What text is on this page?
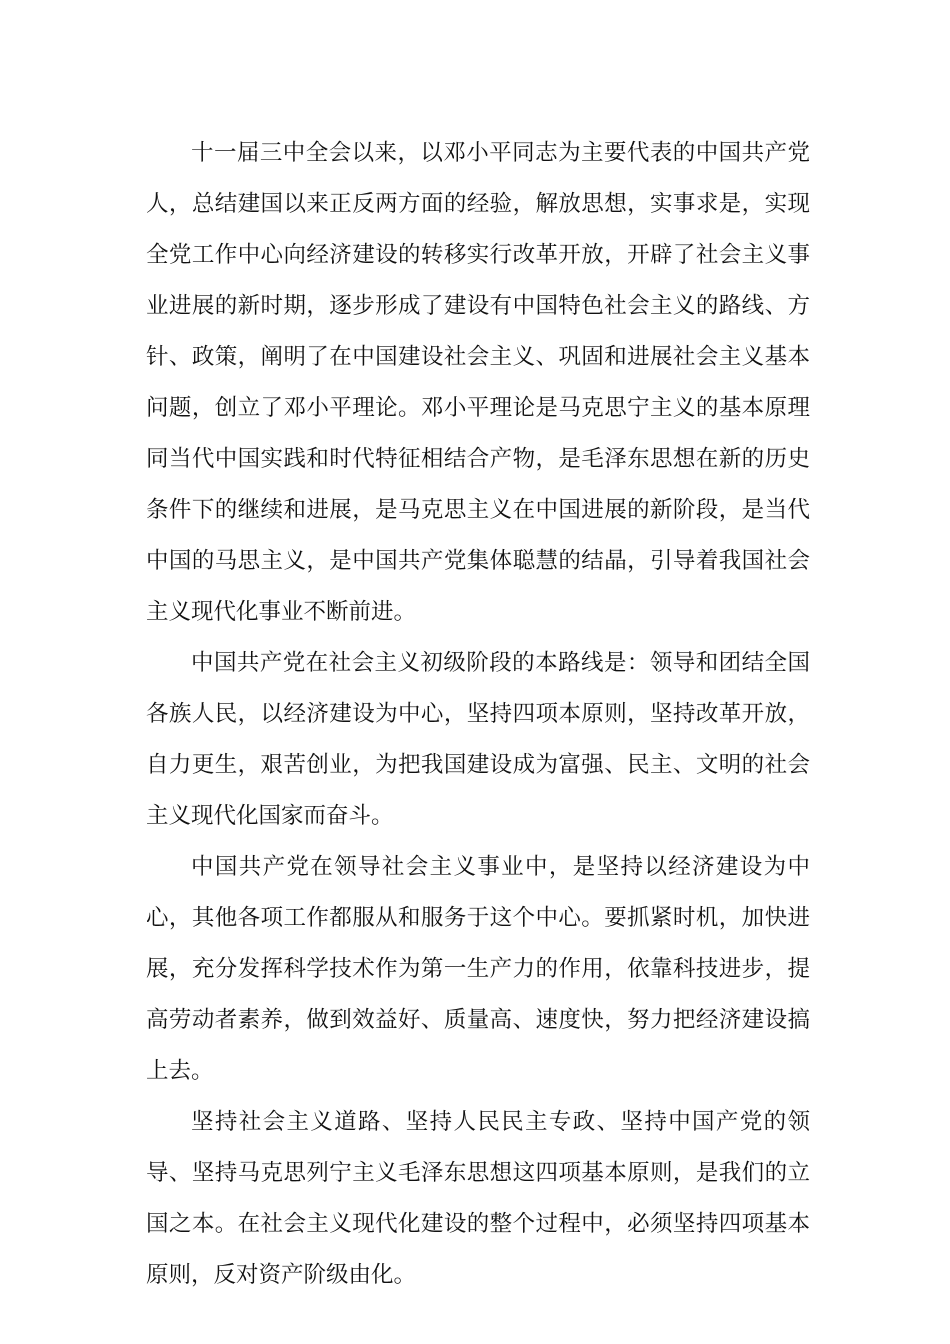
十一届三中全会以来，以邓小平同志为主要代表的中国共产党人，总结建国以来正反两方面的经验，解放思想，实事求是，实现全党工作中心向经济建设的转移实行改革开放，开辟了社会主义事业进展的新时期，逐步形成了建设有中国特色社会主义的路线、方针、政策，阐明了在中国建设社会主义、巩固和进展社会主义基本问题，创立了邓小平理论。邓小平理论是马克思宁主义的基本原理同当代中国实践和时代特征相结合产物，是毛泽东思想在新的历史条件下的继续和进展，是马克思主义在中国进展的新阶段，是当代中国的马思主义，是中国共产党集体聪慧的结晶，引导着我国社会主义现代化事业不断前进。

中国共产党在社会主义初级阶段的本路线是：领导和团结全国各族人民，以经济建设为中心，坚持四项本原则，坚持改革开放，自力更生，艰苦创业，为把我国建设成为富强、民主、文明的社会主义现代化国家而奋斗。

中国共产党在领导社会主义事业中，是坚持以经济建设为中心，其他各项工作都服从和服务于这个中心。要抓紧时机，加快进展，充分发挥科学技术作为第一生产力的作用，依靠科技进步，提高劳动者素养，做到效益好、质量高、速度快，努力把经济建设搞上去。

坚持社会主义道路、坚持人民民主专政、坚持中国产党的领导、坚持马克思列宁主义毛泽东思想这四项基本原则，是我们的立国之本。在社会主义现代化建设的整个过程中，必须坚持四项基本原则，反对资产阶级由化。
